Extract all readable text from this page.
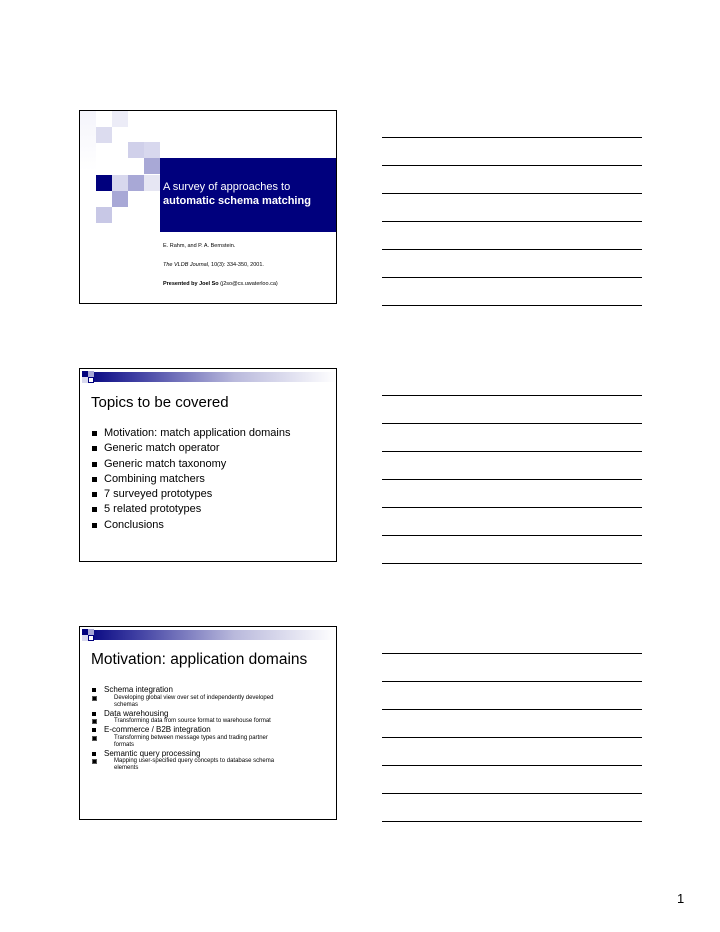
A survey of approaches to
automatic schema matching
E. Rahm, and P. A. Bernstein.
The VLDB Journal, 10(3): 334-350, 2001.
Presented by Joel So (j2so@cs.uwaterloo.ca)
Topics to be covered
Motivation: match application domains
Generic match operator
Generic match taxonomy
Combining matchers
7 surveyed prototypes
5 related prototypes
Conclusions
Motivation: application domains
Schema integration
Developing global view over set of independently developed
schemas
Data warehousing
Transforming data from source format to warehouse format
E-commerce / B2B integration
Transforming between message types and trading partner
formats
Semantic query processing
Mapping user-specified query concepts to database schema
elements
1
